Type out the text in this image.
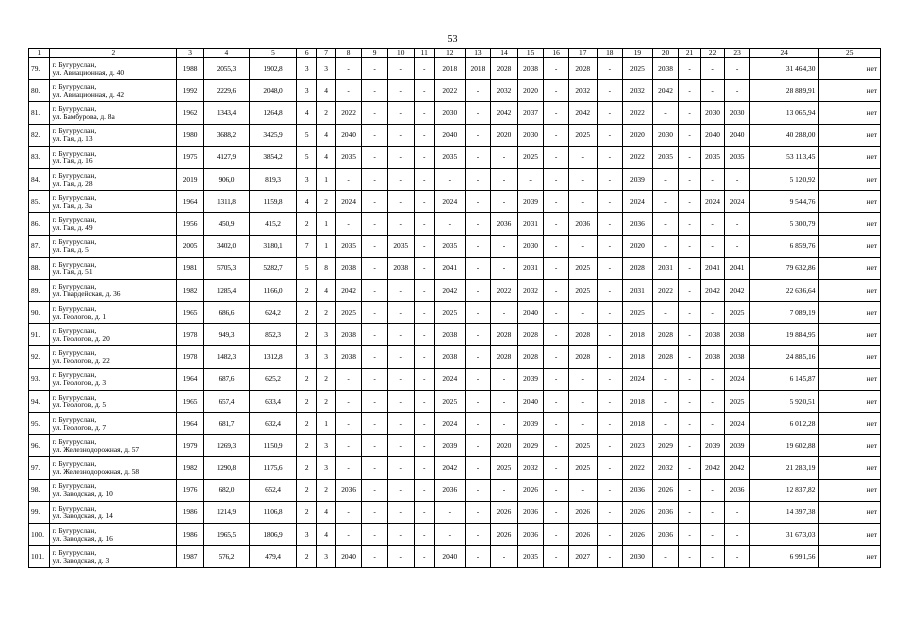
53
1	2	3	4	5	6	7	8	9	10	11	12	13	14	15	16	17	18	19	20	21	22	23	24	25
79.	г. Бугуруслан,
ул. Авиационная, д. 40	1988	2055,3	1902,8	3	3	-	-	-	-	2018	2018	2028	2038	-	2028	-	2025	2038	-	-	-	31 464,30	нет
80.	г. Бугуруслан,
ул. Авиационная, д. 42	1992	2229,6	2048,0	3	4	-	-	-	-	2022	-	2032	2020	-	2032	-	2032	2042	-	-	-	28 889,91	нет
81.	г. Бугуруслан,
ул. Бамбурова, д. 8а	1962	1343,4	1264,8	4	2	2022	-	-	-	2030	-	2042	2037	-	2042	-	2022	-	-	2030	2030	13 065,94	нет
82.	г. Бугуруслан,
ул. Гая, д. 13	1980	3688,2	3425,9	5	4	2040	-	-	-	2040	-	2020	2030	-	2025	-	2020	2030	-	2040	2040	40 288,00	нет
83.	г. Бугуруслан,
ул. Гая, д. 16	1975	4127,9	3854,2	5	4	2035	-	-	-	2035	-	-	2025	-	-	-	2022	2035	-	2035	2035	53 113,45	нет
84.	г. Бугуруслан,
ул. Гая, д. 28	2019	906,0	819,3	3	1	-	-	-	-	-	-	-	-	-	-	-	2039	-	-	-	-	5 120,92	нет
85.	г. Бугуруслан,
ул. Гая, д. 3а	1964	1311,8	1159,8	4	2	2024	-	-	-	2024	-	-	2039	-	-	-	2024	-	-	2024	2024	9 544,76	нет
86.	г. Бугуруслан,
ул. Гая, д. 49	1956	450,9	415,2	2	1	-	-	-	-	-	-	2036	2031	-	2036	-	2036	-	-	-	-	5 300,79	нет
87.	г. Бугуруслан,
ул. Гая, д. 5	2005	3402,0	3180,1	7	1	2035	-	2035	-	2035	-	-	2030	-	-	-	2020	-	-	-	-	6 859,76	нет
88.	г. Бугуруслан,
ул. Гая, д. 51	1981	5705,3	5282,7	5	8	2038	-	2038	-	2041	-	-	2031	-	2025	-	2028	2031	-	2041	2041	79 632,86	нет
89.	г. Бугуруслан,
ул. Гвардейская, д. 36	1982	1285,4	1166,0	2	4	2042	-	-	-	2042	-	2022	2032	-	2025	-	2031	2022	-	2042	2042	22 636,64	нет
90.	г. Бугуруслан,
ул. Геологов, д. 1	1965	686,6	624,2	2	2	2025	-	-	-	2025	-	-	2040	-	-	-	2025	-	-	-	2025	7 089,19	нет
91.	г. Бугуруслан,
ул. Геологов, д. 20	1978	949,3	852,3	2	3	2038	-	-	-	2038	-	2028	2028	-	2028	-	2018	2028	-	2038	2038	19 884,95	нет
92.	г. Бугуруслан,
ул. Геологов, д. 22	1978	1482,3	1312,8	3	3	2038	-	-	-	2038	-	2028	2028	-	2028	-	2018	2028	-	2038	2038	24 885,16	нет
93.	г. Бугуруслан,
ул. Геологов, д. 3	1964	687,6	625,2	2	2	-	-	-	-	2024	-	-	2039	-	-	-	2024	-	-	-	2024	6 145,87	нет
94.	г. Бугуруслан,
ул. Геологов, д. 5	1965	657,4	633,4	2	2	-	-	-	-	2025	-	-	2040	-	-	-	2018	-	-	-	2025	5 920,51	нет
95.	г. Бугуруслан,
ул. Геологов, д. 7	1964	681,7	632,4	2	1	-	-	-	-	2024	-	-	2039	-	-	-	2018	-	-	-	2024	6 012,28	нет
96.	г. Бугуруслан,
ул. Железнодорожная, д. 57	1979	1269,3	1150,9	2	3	-	-	-	-	2039	-	2020	2029	-	2025	-	2023	2029	-	2039	2039	19 602,88	нет
97.	г. Бугуруслан,
ул. Железнодорожная, д. 58	1982	1290,8	1175,6	2	3	-	-	-	-	2042	-	2025	2032	-	2025	-	2022	2032	-	2042	2042	21 283,19	нет
98.	г. Бугуруслан,
ул. Заводская, д. 10	1976	682,0	652,4	2	2	2036	-	-	-	2036	-	-	2026	-	-	-	2036	2026	-	-	2036	12 837,82	нет
99.	г. Бугуруслан,
ул. Заводская, д. 14	1986	1214,9	1106,8	2	4	-	-	-	-	-	-	2026	2036	-	2026	-	2026	2036	-	-	-	14 397,38	нет
100.	г. Бугуруслан,
ул. Заводская, д. 16	1986	1965,5	1806,9	3	4	-	-	-	-	-	-	2026	2036	-	2026	-	2026	2036	-	-	-	31 673,03	нет
101.	г. Бугуруслан,
ул. Заводская, д. 3	1987	576,2	479,4	2	3	2040	-	-	-	2040	-	-	2035	-	2027	-	2030	-	-	-	-	6 991,56	нет
